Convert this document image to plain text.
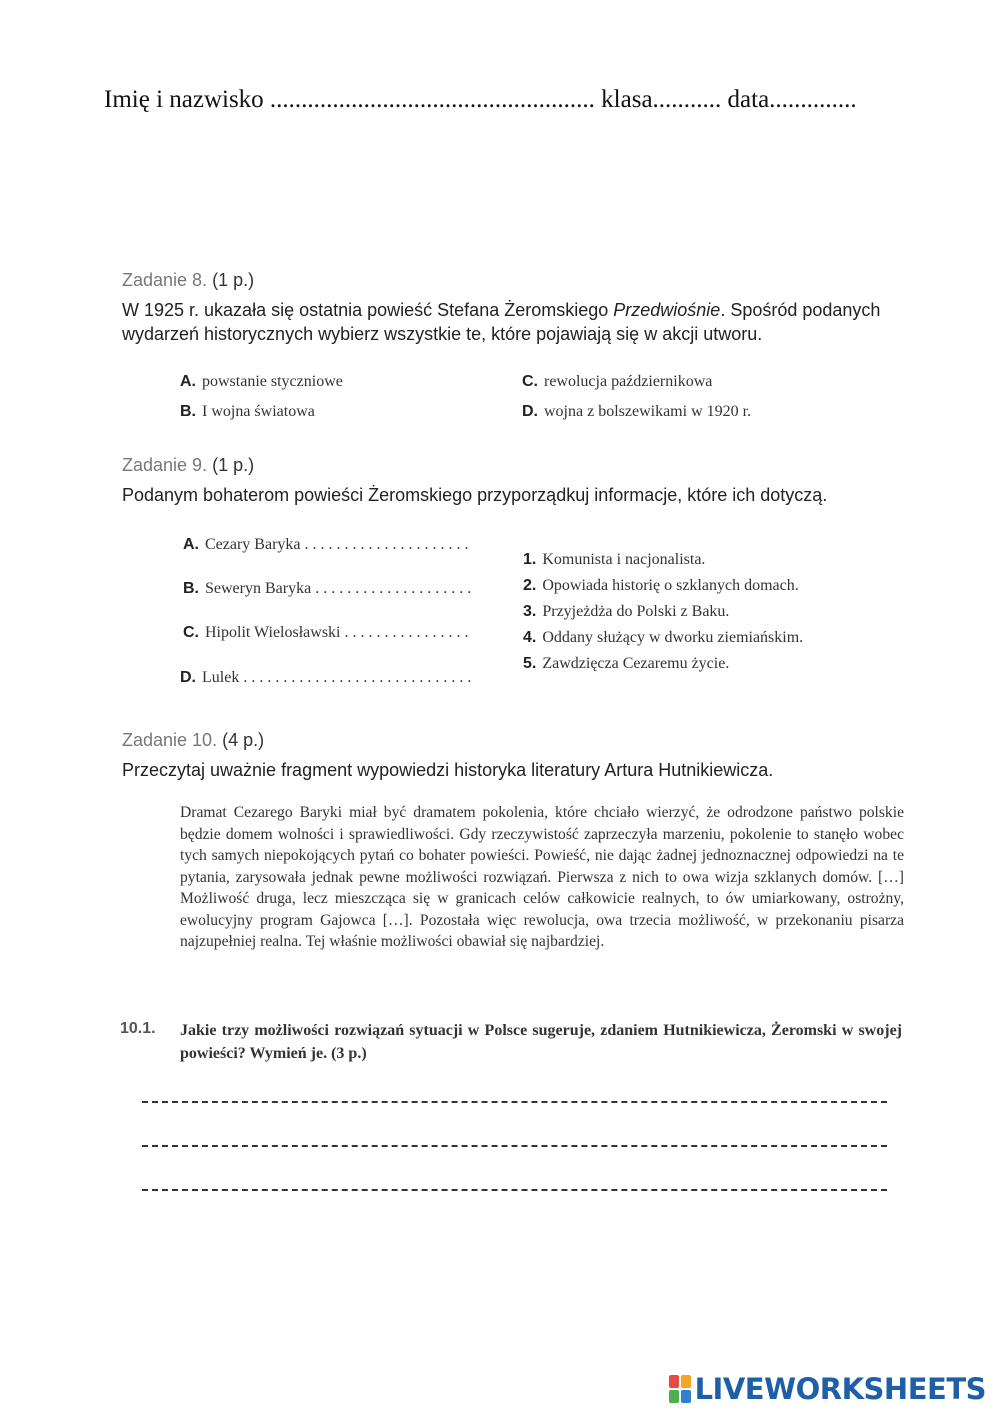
Imię i nazwisko .................................................... klasa........... data..............
Zadanie 8. (1 p.)
W 1925 r. ukazała się ostatnia powieść Stefana Żeromskiego Przedwiośnie. Spośród podanych wydarzeń historycznych wybierz wszystkie te, które pojawiają się w akcji utworu.
A. powstanie styczniowe
B. I wojna światowa
C. rewolucja październikowa
D. wojna z bolszewikami w 1920 r.
Zadanie 9. (1 p.)
Podanym bohaterom powieści Żeromskiego przyporządkuj informacje, które ich dotyczą.
A. Cezary Baryka . . . . . . . . . . . . . . . . . . . . .
B. Seweryn Baryka . . . . . . . . . . . . . . . . . . . .
C. Hipolit Wielosławski . . . . . . . . . . . . . . . .
D. Lulek . . . . . . . . . . . . . . . . . . . . . . . . . . . . .
1. Komunista i nacjonalista.
2. Opowiada historię o szklanych domach.
3. Przyjeżdża do Polski z Baku.
4. Oddany służący w dworku ziemiańskim.
5. Zawdzięcza Cezaremu życie.
Zadanie 10. (4 p.)
Przeczytaj uważnie fragment wypowiedzi historyka literatury Artura Hutnikiewicza.
Dramat Cezarego Baryki miał być dramatem pokolenia, które chciało wierzyć, że odrodzone państwo polskie będzie domem wolności i sprawiedliwości. Gdy rzeczywistość zaprzeczyła marzeniu, pokolenie to stanęło wobec tych samych niepokojących pytań co bohater powieści. Powieść, nie dając żadnej jednoznacznej odpowiedzi na te pytania, zarysowała jednak pewne możliwości rozwiązań. Pierwsza z nich to owa wizja szklanych domów. […] Możliwość druga, lecz mieszcząca się w granicach celów całkowicie realnych, to ów umiarkowany, ostrożny, ewolucyjny program Gajowca […]. Pozostała więc rewolucja, owa trzecia możliwość, w przekonaniu pisarza najzupełniej realna. Tej właśnie możliwości obawiał się najbardziej.
10.1. Jakie trzy możliwości rozwiązań sytuacji w Polsce sugeruje, zdaniem Hutnikiewicza, Żeromski w swojej powieści? Wymień je. (3 p.)
LIVEWORKSHEETS
